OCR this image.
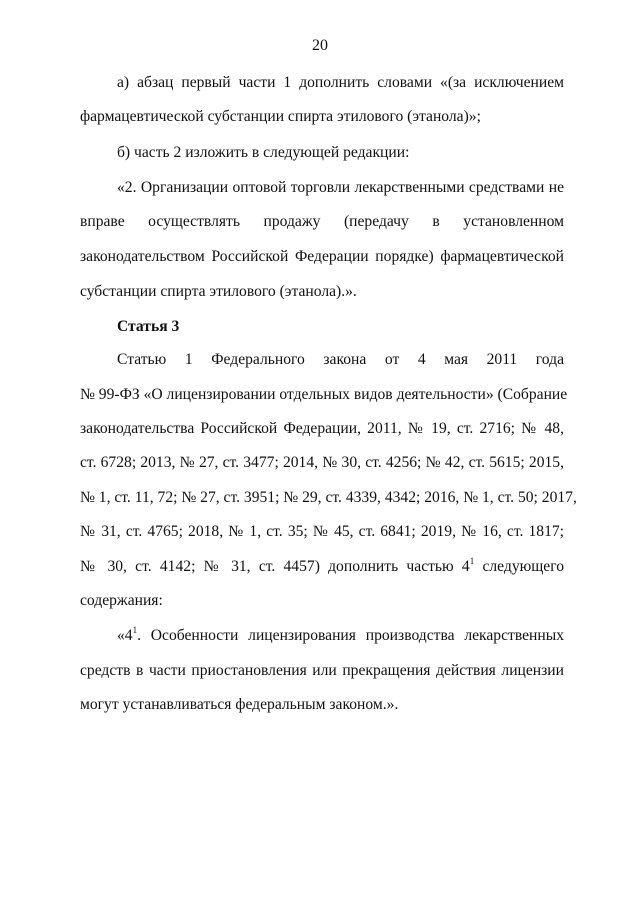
20
а) абзац первый части 1 дополнить словами «(за исключением
фармацевтической субстанции спирта этилового (этанола)»;
б) часть 2 изложить в следующей редакции:
«2. Организации оптовой торговли лекарственными средствами не
вправе осуществлять продажу (передачу в установленном
законодательством Российской Федерации порядке) фармацевтической
субстанции спирта этилового (этанола).».
Статья 3
Статью 1 Федерального закона от 4 мая 2011 года
№ 99-ФЗ «О лицензировании отдельных видов деятельности» (Собрание
законодательства Российской Федерации, 2011, № 19, ст. 2716; № 48,
ст. 6728; 2013, № 27, ст. 3477; 2014, № 30, ст. 4256; № 42, ст. 5615; 2015,
№ 1, ст. 11, 72; № 27, ст. 3951; № 29, ст. 4339, 4342; 2016, № 1, ст. 50; 2017,
№ 31, ст. 4765; 2018, № 1, ст. 35; № 45, ст. 6841; 2019, № 16, ст. 1817;
№ 30, ст. 4142; № 31, ст. 4457) дополнить частью $4^1$ следующего
содержания:
«$4^1$. Особенности лицензирования производства лекарственных
средств в части приостановления или прекращения действия лицензии
могут устанавливаться федеральным законом.».
